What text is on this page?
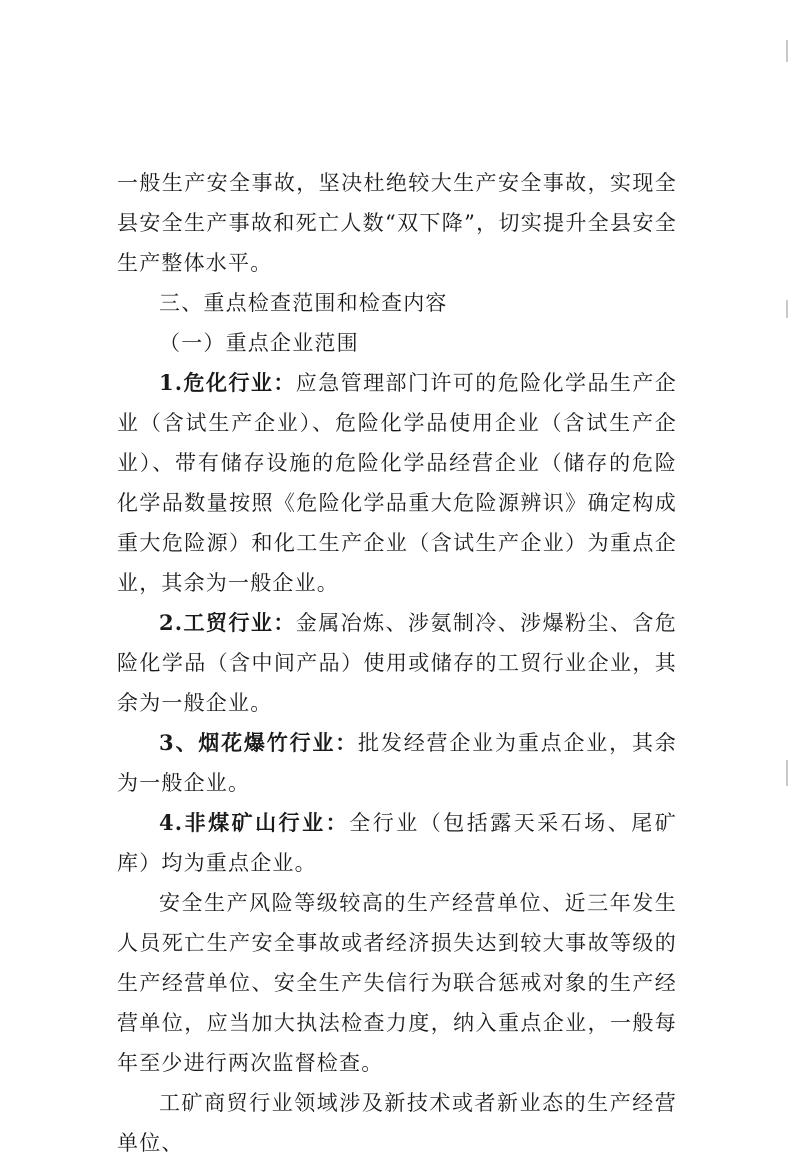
一般生产安全事故，坚决杜绝较大生产安全事故，实现全县安全生产事故和死亡人数“双下降”，切实提升全县安全生产整体水平。

三、重点检查范围和检查内容

（一）重点企业范围

1.危化行业：应急管理部门许可的危险化学品生产企业（含试生产企业）、危险化学品使用企业（含试生产企业）、带有储存设施的危险化学品经营企业（储存的危险化学品数量按照《危险化学品重大危险源辨识》确定构成重大危险源）和化工生产企业（含试生产企业）为重点企业，其余为一般企业。

2.工贸行业：金属冶炼、涉氨制冷、涉爆粉尘、含危险化学品（含中间产品）使用或储存的工贸行业企业，其余为一般企业。

3、烟花爆竹行业：批发经营企业为重点企业，其余为一般企业。

4.非煤矿山行业：全行业（包括露天采石场、尾矿库）均为重点企业。

安全生产风险等级较高的生产经营单位、近三年发生人员死亡生产安全事故或者经济损失达到较大事故等级的生产经营单位、安全生产失信行为联合惩戒对象的生产经营单位，应当加大执法检查力度，纳入重点企业，一般每年至少进行两次监督检查。

工矿商贸行业领域涉及新技术或者新业态的生产经营单位、
